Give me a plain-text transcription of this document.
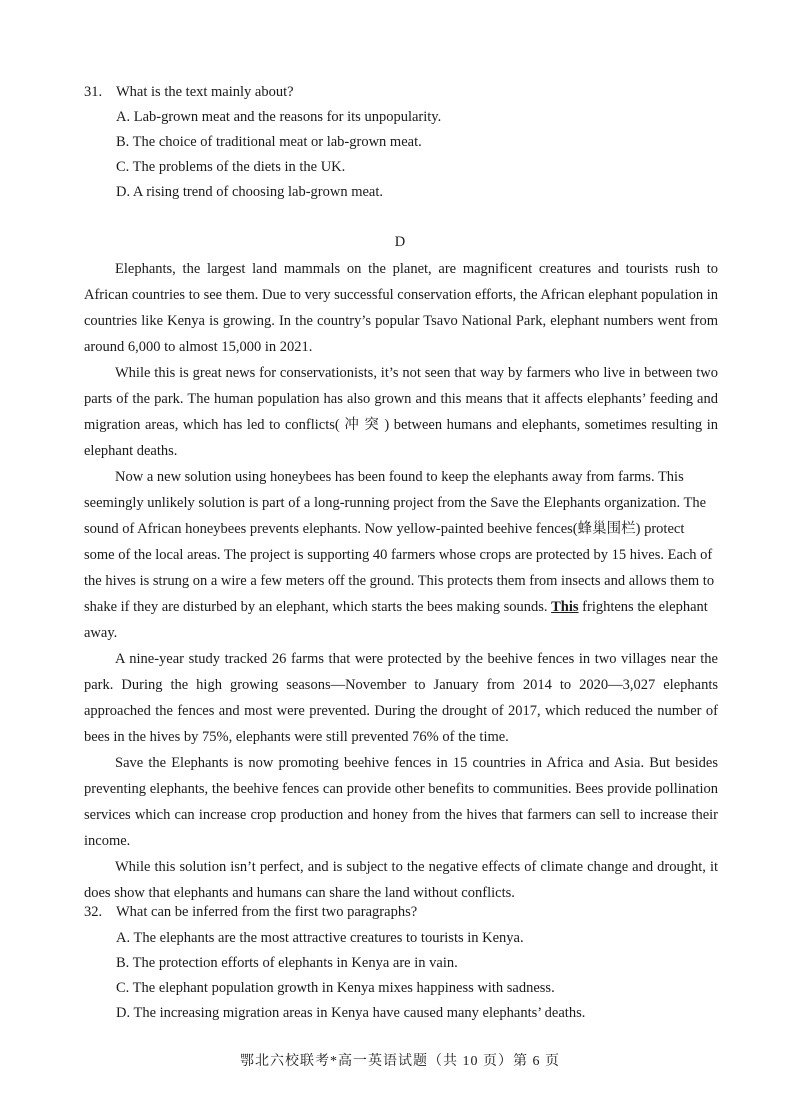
31. What is the text mainly about?
A. Lab-grown meat and the reasons for its unpopularity.
B. The choice of traditional meat or lab-grown meat.
C. The problems of the diets in the UK.
D. A rising trend of choosing lab-grown meat.
D

Elephants, the largest land mammals on the planet, are magnificent creatures and tourists rush to African countries to see them. Due to very successful conservation efforts, the African elephant population in countries like Kenya is growing. In the country’s popular Tsavo National Park, elephant numbers went from around 6,000 to almost 15,000 in 2021.

While this is great news for conservationists, it’s not seen that way by farmers who live in between two parts of the park. The human population has also grown and this means that it affects elephants’ feeding and migration areas, which has led to conflicts( 冲 突 ) between humans and elephants, sometimes resulting in elephant deaths.

Now a new solution using honeybees has been found to keep the elephants away from farms. This seemingly unlikely solution is part of a long-running project from the Save the Elephants organization. The sound of African honeybees prevents elephants. Now yellow-painted beehive fences(蜂巢围栏) protect some of the local areas. The project is supporting 40 farmers whose crops are protected by 15 hives. Each of the hives is strung on a wire a few meters off the ground. This protects them from insects and allows them to shake if they are disturbed by an elephant, which starts the bees making sounds. This frightens the elephant away.

A nine-year study tracked 26 farms that were protected by the beehive fences in two villages near the park. During the high growing seasons—November to January from 2014 to 2020—3,027 elephants approached the fences and most were prevented. During the drought of 2017, which reduced the number of bees in the hives by 75%, elephants were still prevented 76% of the time.

Save the Elephants is now promoting beehive fences in 15 countries in Africa and Asia. But besides preventing elephants, the beehive fences can provide other benefits to communities. Bees provide pollination services which can increase crop production and honey from the hives that farmers can sell to increase their income.

While this solution isn’t perfect, and is subject to the negative effects of climate change and drought, it does show that elephants and humans can share the land without conflicts.

32. What can be inferred from the first two paragraphs?
A. The elephants are the most attractive creatures to tourists in Kenya.
B. The protection efforts of elephants in Kenya are in vain.
C. The elephant population growth in Kenya mixes happiness with sadness.
D. The increasing migration areas in Kenya have caused many elephants’ deaths.
鄂北六校联考*高一英语试题（共 10 页）第 6 页
